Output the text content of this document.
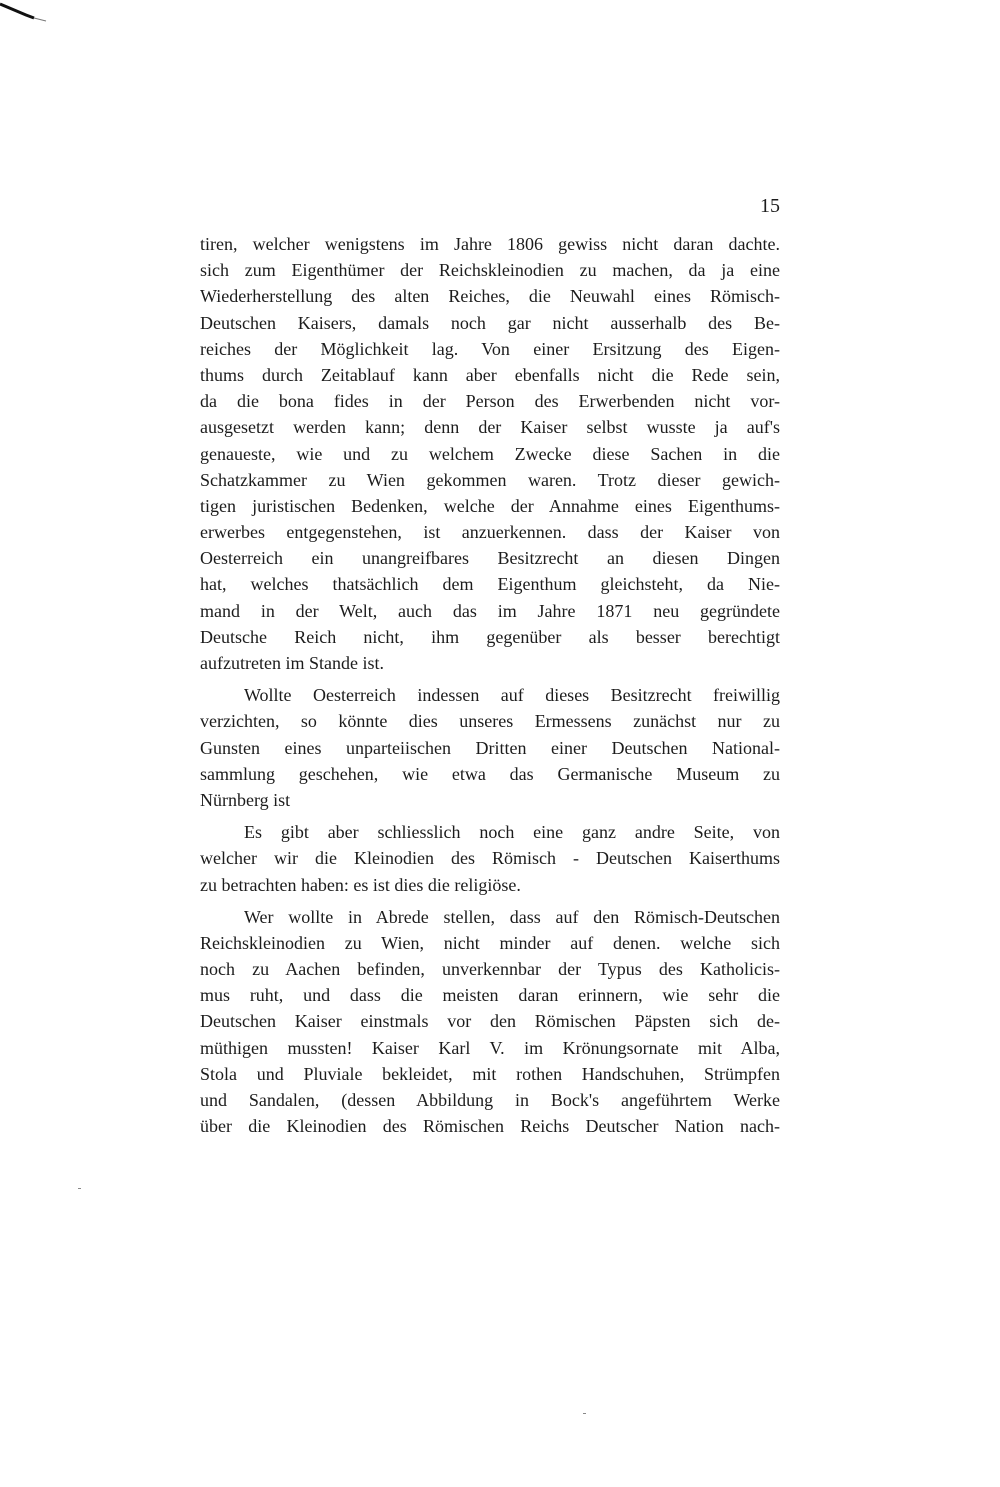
15
tiren, welcher wenigstens im Jahre 1806 gewiss nicht daran dachte.
sich zum Eigenthümer der Reichskleinodien zu machen, da ja eine
Wiederherstellung des alten Reiches, die Neuwahl eines Römisch-
Deutschen Kaisers, damals noch gar nicht ausserhalb des Be-
reiches der Möglichkeit lag. Von einer Ersitzung des Eigen-
thums durch Zeitablauf kann aber ebenfalls nicht die Rede sein,
da die bona fides in der Person des Erwerbenden nicht vor-
ausgesetzt werden kann; denn der Kaiser selbst wusste ja auf's
genaueste, wie und zu welchem Zwecke diese Sachen in die
Schatzkammer zu Wien gekommen waren. Trotz dieser gewich-
tigen juristischen Bedenken, welche der Annahme eines Eigenthums-
erwerbes entgegenstehen, ist anzuerkennen. dass der Kaiser von
Oesterreich ein unangreifbares Besitzrecht an diesen Dingen
hat, welches thatsächlich dem Eigenthum gleichsteht, da Nie-
mand in der Welt, auch das im Jahre 1871 neu gegründete
Deutsche Reich nicht, ihm gegenüber als besser berechtigt
aufzutreten im Stande ist.
Wollte Oesterreich indessen auf dieses Besitzrecht freiwillig
verzichten, so könnte dies unseres Ermessens zunächst nur zu
Gunsten eines unparteiischen Dritten einer Deutschen National-
sammlung geschehen, wie etwa das Germanische Museum zu
Nürnberg ist
Es gibt aber schliesslich noch eine ganz andre Seite, von
welcher wir die Kleinodien des Römisch - Deutschen Kaiserthums
zu betrachten haben: es ist dies die religiöse.
Wer wollte in Abrede stellen, dass auf den Römisch-Deutschen
Reichskleinodien zu Wien, nicht minder auf denen. welche sich
noch zu Aachen befinden, unverkennbar der Typus des Katholicis-
mus ruht, und dass die meisten daran erinnern, wie sehr die
Deutschen Kaiser einstmals vor den Römischen Päpsten sich de-
müthigen mussten! Kaiser Karl V. im Krönungsornate mit Alba,
Stola und Pluviale bekleidet, mit rothen Handschuhen, Strümpfen
und Sandalen, (dessen Abbildung in Bock's angeführtem Werke
über die Kleinodien des Römischen Reichs Deutscher Nation nach-
